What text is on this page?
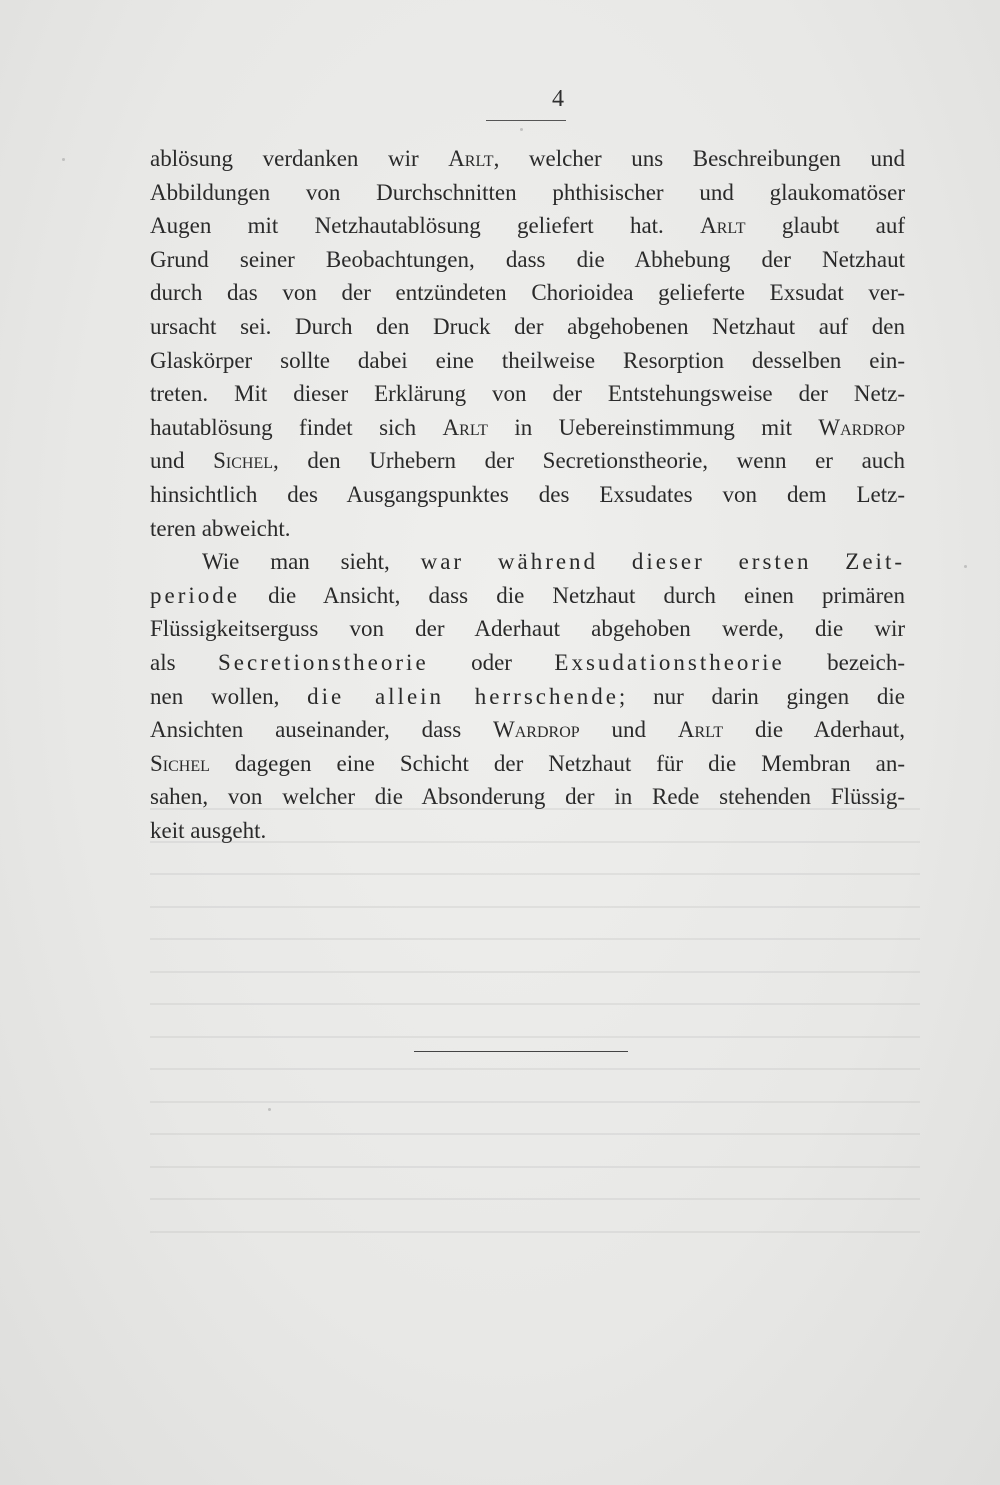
4
ablösung verdanken wir Arlt, welcher uns Beschreibungen und
Abbildungen von Durchschnitten phthisischer und glaukomatöser
Augen mit Netzhautablösung geliefert hat. Arlt glaubt auf
Grund seiner Beobachtungen, dass die Abhebung der Netzhaut
durch das von der entzündeten Chorioidea gelieferte Exsudat ver-
ursacht sei. Durch den Druck der abgehobenen Netzhaut auf den
Glaskörper sollte dabei eine theilweise Resorption desselben ein-
treten. Mit dieser Erklärung von der Entstehungsweise der Netz-
hautablösung findet sich Arlt in Uebereinstimmung mit Wardrop
und Sichel, den Urhebern der Secretionstheorie, wenn er auch
hinsichtlich des Ausgangspunktes des Exsudates von dem Letz-
teren abweicht.
Wie man sieht, war während dieser ersten Zeit-
periode die Ansicht, dass die Netzhaut durch einen primären
Flüssigkeitserguss von der Aderhaut abgehoben werde, die wir
als Secretionstheorie oder Exsudationstheorie bezeich-
nen wollen, die allein herrschende; nur darin gingen die
Ansichten auseinander, dass Wardrop und Arlt die Aderhaut,
Sichel dagegen eine Schicht der Netzhaut für die Membran an-
sahen, von welcher die Absonderung der in Rede stehenden Flüssig-
keit ausgeht.
